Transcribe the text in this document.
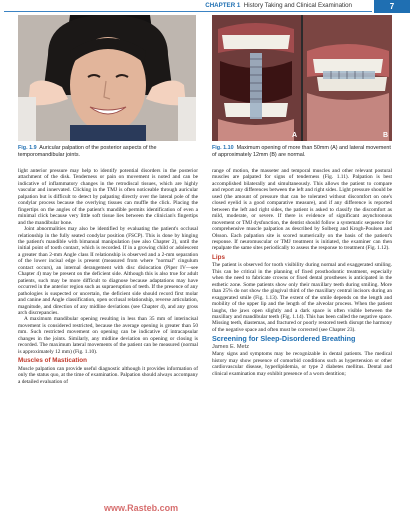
CHAPTER 1 History Taking and Clinical Examination	7
A	B
Fig. 1.9 Auricular palpation of the posterior aspects of the temporomandibular joints.
Fig. 1.10 Maximum opening of more than 50mm (A) and lateral movement of approximately 12mm (B) are normal.

light anterior pressure may help to identify potential disorders in the posterior attachment of the disk. Tenderness or pain on movement is noted and can be indicative of inflammatory changes in the retrodiscal tissues, which are highly vascular and innervated. Clicking in the TMJ is often noticeable through auricular palpation but is difficult to detect by palpating directly over the lateral pole of the condylar process because the overlying tissues can muffle the click. Placing the fingertips on the angles of the patient's mandible permits identification of even a minimal click because very little soft tissue lies between the clinician's fingertips and the mandibular bone.

Joint abnormalities may also be identified by evaluating the patient's occlusal relationship in the fully seated condylar position (FSCP). This is done by hinging the patient's mandible with bimanual manipulation (see also Chapter 2), until the initial point of tooth contact, which is recorded. If in a growing child or adolescent a greater than 2-mm Angle class II relationship is observed and a 2-mm separation of the lower incisal edge is present (measured from where "normal" cingulum contact occurs), an internal derangement with disc dislocation (Piper IV—see Chapter 4) may be present on the deficient side. Although this is also true for adult patients, such may be more difficult to diagnose because adaptations may have occurred in the anterior region such as supraeruption of teeth. If the presence of any pathologies is suspected or uncertain, the deficient side should record first molar and canine and Angle classification, open occlusal relationship, reverse articulation, magnitude, and direction of any midline deviations (see Chapter 4), and any gross arch discrepancies.

A maximum mandibular opening resulting in less than 35 mm of interincisal movement is considered restricted, because the average opening is greater than 50 mm. Such restricted movement on opening can be indicative of intracapsular changes in the joints. Similarly, any midline deviation on opening or closing is recorded. The maximum lateral movements of the patient can be measured (normal is approximately 12 mm) (Fig. 1.10).

Muscles of Mastication

Muscle palpation can provide useful diagnostic although it provides information of only the status quo, at the time of examination. Palpation should always accompany a detailed evaluation of

range of motion, the masseter and temporal muscles and other relevant postural muscles are palpated for signs of tenderness (Fig. 1.11). Palpation is best accomplished bilaterally and simultaneously. This allows the patient to compare and report any differences between the left and right sides. Light pressure should be used (the amount of pressure that can be tolerated without discomfort on one's closed eyelid is a good comparative measure), and if any difference is reported between the left and right sides, the patient is asked to classify the discomfort as mild, moderate, or severe. If there is evidence of significant asynchronous movement or TMJ dysfunction, the dentist should follow a systematic sequence for comprehensive muscle palpation as described by Solberg and Krogh-Poulsen and Olsson. Each palpation site is scored numerically on the basis of the patient's response. If neuromuscular or TMJ treatment is initiated, the examiner can then repalpate the same sites periodically to assess the response to treatment (Fig. 1.12).

Lips

The patient is observed for tooth visibility during normal and exaggerated smiling. This can be critical in the planning of fixed prosthodontic treatment, especially when the need to fabricate crowns or fixed dental prostheses is anticipated in the esthetic zone. Some patients show only their maxillary teeth during smiling. More than 25% do not show the gingival third of the maxillary central incisors during an exaggerated smile (Fig. 1.13). The extent of the smile depends on the length and mobility of the upper lip and the length of the alveolar process. When the patient laughs, the jaws open slightly and a dark space is often visible between the maxillary and mandibular teeth (Fig. 1.14). This has been called the negative space. Missing teeth, diastemas, and fractured or poorly restored teeth disrupt the harmony of the negative space and often must be corrected (see Chapter 23).

Screening for Sleep-Disordered Breathing
James E. Metz

Many signs and symptoms may be recognizable in dental patients. The medical history may show presence of comorbid conditions such as hypertension or other cardiovascular disease, hyperlipidemia, or type 2 diabetes mellitus. Dental and clinical examination may exhibit presence of a worn dentition;

www.Rasteb.com
